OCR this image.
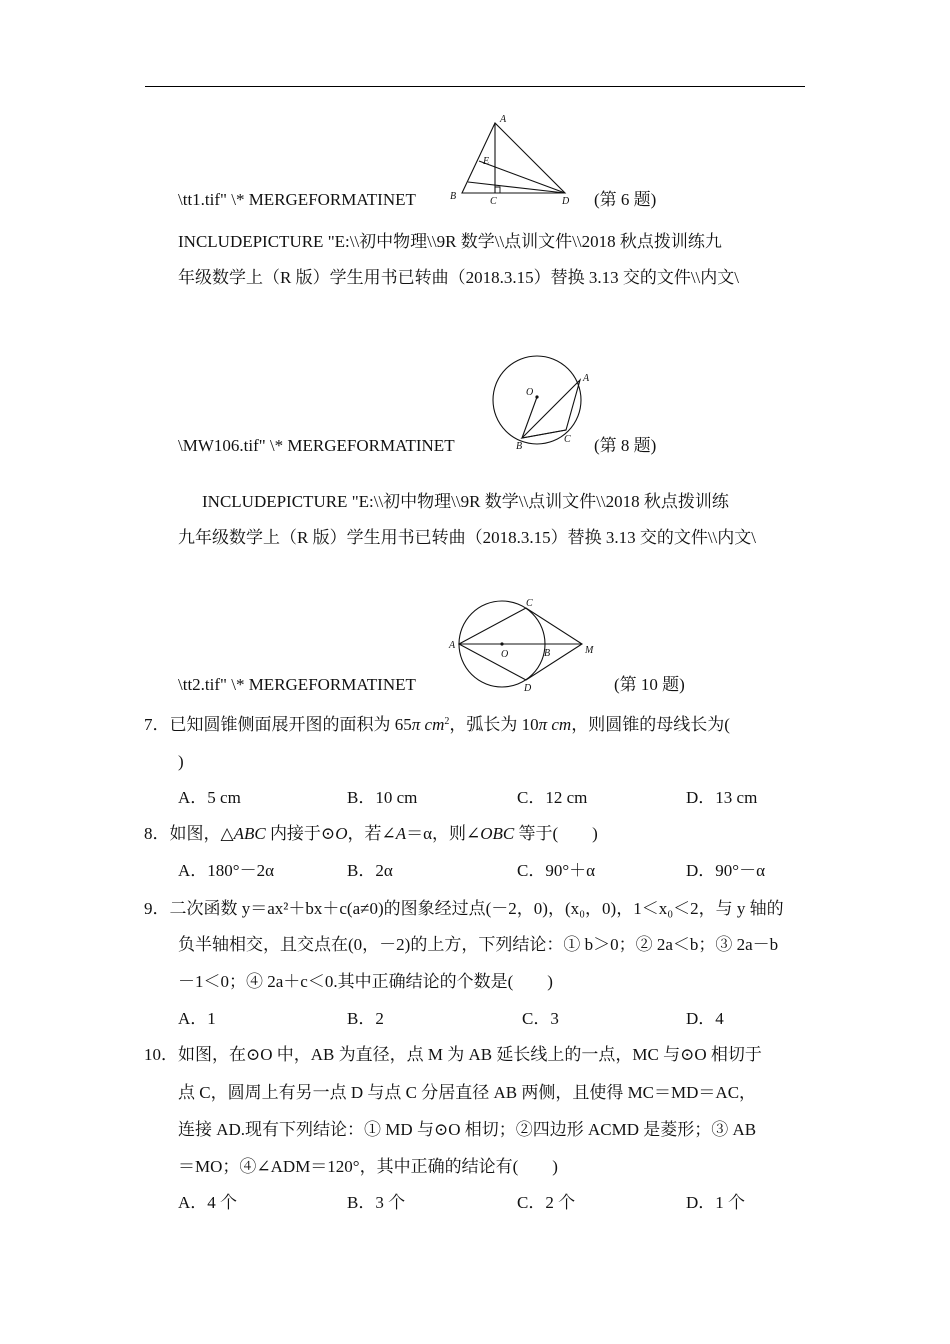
A
E
B	C	D
\tt1.tif" \* MERGEFORMATINET	(第 6 题)
INCLUDEPICTURE "E:\\初中物理\\9R 数学\\点训文件\\2018 秋点拨训练九
年级数学上（R 版）学生用书已转曲（2018.3.15）替换 3.13 交的文件\\内文\
O
A
B
C
\MW106.tif" \* MERGEFORMATINET	(第 8 题)
INCLUDEPICTURE "E:\\初中物理\\9R 数学\\点训文件\\2018 秋点拨训练
九年级数学上（R 版）学生用书已转曲（2018.3.15）替换 3.13 交的文件\\内文\
A
O	B	M
C
D
\tt2.tif" \* MERGEFORMATINET	(第 10 题)
7．已知圆锥侧面展开图的面积为 65π $cm^2$，弧长为 10π cm，则圆锥的母线长为(
)
A．5 cm	B．10 cm	C．12 cm	D．13 cm
8．如图，△ABC 内接于⊙O，若∠A＝α，则∠OBC 等于(　　)
A．180°－2α	B．2α	C．90°＋α	D．90°－α
9．二次函数 y＝ax²＋bx＋c(a≠0)的图象经过点(－2，0)，(x₀，0)，1＜x₀＜2，与 y 轴的
负半轴相交，且交点在(0，－2)的上方，下列结论：① b＞0；② 2a＜b；③ 2a－b
－1＜0；④ 2a＋c＜0.其中正确结论的个数是(　　)
A．1	B．2	C．3	D．4
10．如图，在⊙O 中，AB 为直径，点 M 为 AB 延长线上的一点，MC 与⊙O 相切于
点 C，圆周上有另一点 D 与点 C 分居直径 AB 两侧，且使得 MC＝MD＝AC，
连接 AD.现有下列结论：① MD 与⊙O 相切；②四边形 ACMD 是菱形；③ AB
＝MO；④∠ADM＝120°，其中正确的结论有(　　)
A．4 个	B．3 个	C．2 个	D．1 个
